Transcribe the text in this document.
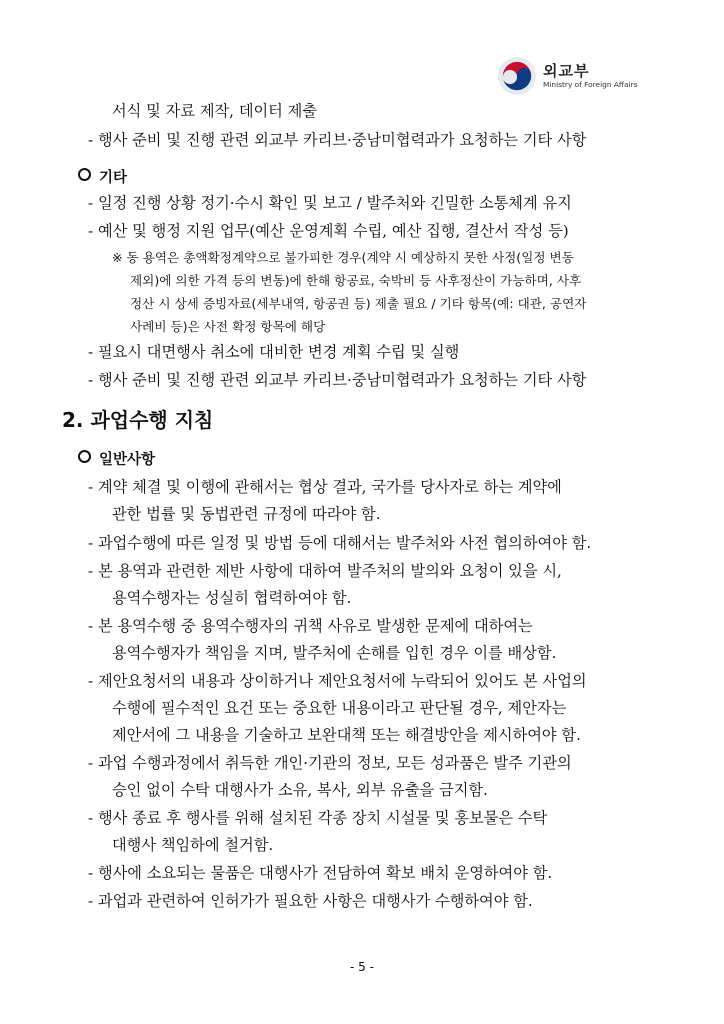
외교부
Ministry of Foreign Affairs
서식 및 자료 제작, 데이터 제출
- 행사 준비 및 진행 관련 외교부 카리브·중남미협력과가 요청하는 기타 사항
기타
- 일정 진행 상황 정기·수시 확인 및 보고 / 발주처와 긴밀한 소통체계 유지
- 예산 및 행정 지원 업무(예산 운영계획 수립, 예산 집행, 결산서 작성 등)
※ 동 용역은 총액확정계약으로 불가피한 경우(계약 시 예상하지 못한 사정(일정 변동
제외)에 의한 가격 등의 변동)에 한해 항공료, 숙박비 등 사후정산이 가능하며, 사후
정산 시 상세 증빙자료(세부내역, 항공권 등) 제출 필요 / 기타 항목(예: 대관, 공연자
사례비 등)은 사전 확정 항목에 해당
- 필요시 대면행사 취소에 대비한 변경 계획 수립 및 실행
- 행사 준비 및 진행 관련 외교부 카리브·중남미협력과가 요청하는 기타 사항
2. 과업수행 지침
일반사항
- 계약 체결 및 이행에 관해서는 협상 결과, 국가를 당사자로 하는 계약에
관한 법률 및 동법관련 규정에 따라야 함.
- 과업수행에 따른 일정 및 방법 등에 대해서는 발주처와 사전 협의하여야 함.
- 본 용역과 관련한 제반 사항에 대하여 발주처의 발의와 요청이 있을 시,
용역수행자는 성실히 협력하여야 함.
- 본 용역수행 중 용역수행자의 귀책 사유로 발생한 문제에 대하여는
용역수행자가 책임을 지며, 발주처에 손해를 입힌 경우 이를 배상함.
- 제안요청서의 내용과 상이하거나 제안요청서에 누락되어 있어도 본 사업의
수행에 필수적인 요건 또는 중요한 내용이라고 판단될 경우, 제안자는
제안서에 그 내용을 기술하고 보완대책 또는 해결방안을 제시하여야 함.
- 과업 수행과정에서 취득한 개인·기관의 정보, 모든 성과품은 발주 기관의
승인 없이 수탁 대행사가 소유, 복사, 외부 유출을 금지함.
- 행사 종료 후 행사를 위해 설치된 각종 장치 시설물 및 홍보물은 수탁
대행사 책임하에 철거함.
- 행사에 소요되는 물품은 대행사가 전담하여 확보 배치 운영하여야 함.
- 과업과 관련하여 인허가가 필요한 사항은 대행사가 수행하여야 함.
- 5 -
